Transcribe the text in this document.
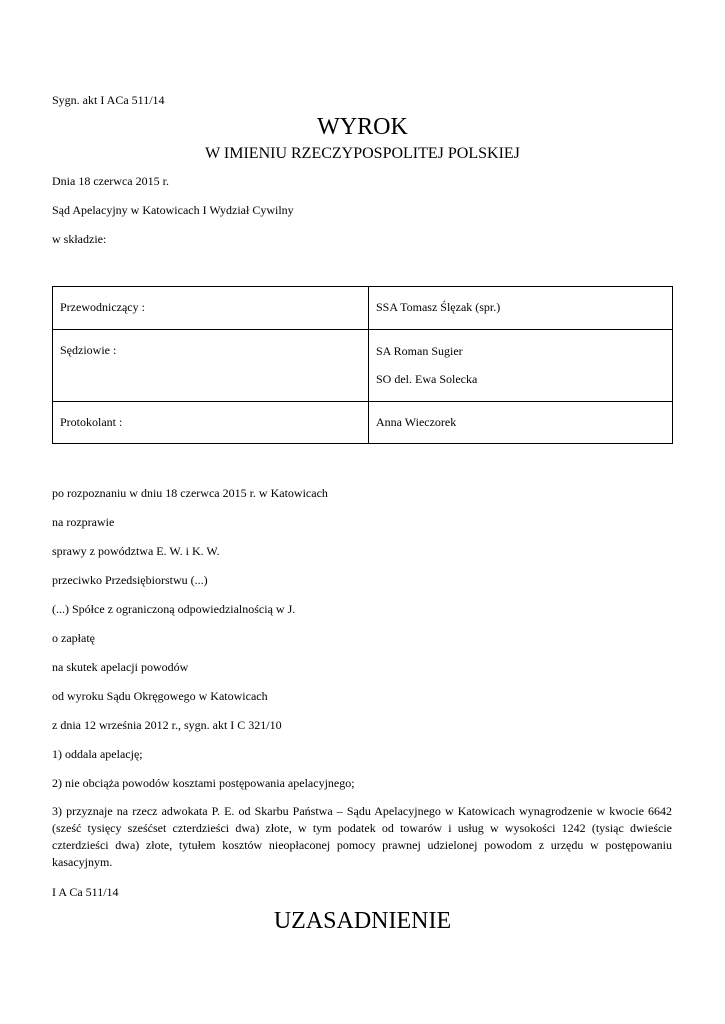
Sygn. akt I ACa 511/14
WYROK
W IMIENIU RZECZYPOSPOLITEJ POLSKIEJ
Dnia 18 czerwca 2015 r.
Sąd Apelacyjny w Katowicach I Wydział Cywilny
w składzie:
Przewodniczący :	SSA Tomasz Ślęzak (spr.)
Sędziowie :	SA Roman Sugier
SO del. Ewa Solecka

Protokolant :	Anna Wieczorek
po rozpoznaniu w dniu 18 czerwca 2015 r. w Katowicach
na rozprawie
sprawy z powództwa E. W. i K. W.
przeciwko Przedsiębiorstwu (...)
(...) Spółce z ograniczoną odpowiedzialnością w J.
o zapłatę
na skutek apelacji powodów
od wyroku Sądu Okręgowego w Katowicach
z dnia 12 września 2012 r., sygn. akt I C 321/10
1) oddala apelację;
2) nie obciąża powodów kosztami postępowania apelacyjnego;
3) przyznaje na rzecz adwokata P. E. od Skarbu Państwa – Sądu Apelacyjnego w Katowicach wynagrodzenie w kwocie 6642 (sześć tysięcy sześćset czterdzieści dwa) złote, w tym podatek od towarów i usług w wysokości 1242 (tysiąc dwieście czterdzieści dwa) złote, tytułem kosztów nieopłaconej pomocy prawnej udzielonej powodom z urzędu w postępowaniu kasacyjnym.
I A Ca 511/14
UZASADNIENIE
